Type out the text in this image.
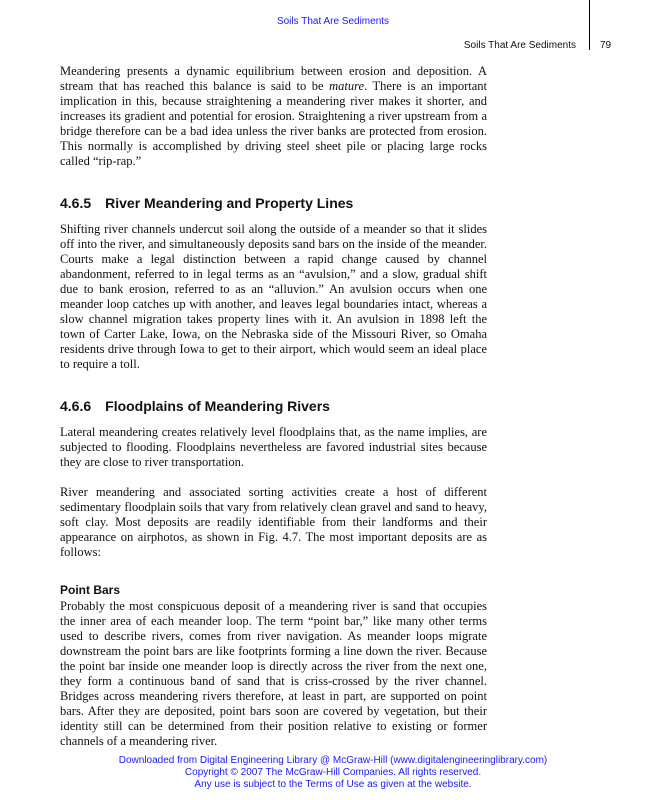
Soils That Are Sediments
Soils That Are Sediments 79

Meandering presents a dynamic equilibrium between erosion and deposition. A stream that has reached this balance is said to be mature. There is an important implication in this, because straightening a meandering river makes it shorter, and increases its gradient and potential for erosion. Straightening a river upstream from a bridge therefore can be a bad idea unless the river banks are protected from erosion. This normally is accomplished by driving steel sheet pile or placing large rocks called “rip-rap.”

4.6.5 River Meandering and Property Lines

Shifting river channels undercut soil along the outside of a meander so that it slides off into the river, and simultaneously deposits sand bars on the inside of the meander. Courts make a legal distinction between a rapid change caused by channel abandonment, referred to in legal terms as an “avulsion,” and a slow, gradual shift due to bank erosion, referred to as an “alluvion.” An avulsion occurs when one meander loop catches up with another, and leaves legal boundaries intact, whereas a slow channel migration takes property lines with it. An avulsion in 1898 left the town of Carter Lake, Iowa, on the Nebraska side of the Missouri River, so Omaha residents drive through Iowa to get to their airport, which would seem an ideal place to require a toll.

4.6.6 Floodplains of Meandering Rivers

Lateral meandering creates relatively level floodplains that, as the name implies, are subjected to flooding. Floodplains nevertheless are favored industrial sites because they are close to river transportation.

River meandering and associated sorting activities create a host of different sedimentary floodplain soils that vary from relatively clean gravel and sand to heavy, soft clay. Most deposits are readily identifiable from their landforms and their appearance on airphotos, as shown in Fig. 4.7. The most important deposits are as follows:

Point Bars

Probably the most conspicuous deposit of a meandering river is sand that occupies the inner area of each meander loop. The term “point bar,” like many other terms used to describe rivers, comes from river navigation. As meander loops migrate downstream the point bars are like footprints forming a line down the river. Because the point bar inside one meander loop is directly across the river from the next one, they form a continuous band of sand that is criss-crossed by the river channel. Bridges across meandering rivers therefore, at least in part, are supported on point bars. After they are deposited, point bars soon are covered by vegetation, but their identity still can be determined from their position relative to existing or former channels of a meandering river.

Downloaded from Digital Engineering Library @ McGraw-Hill (www.digitalengineeringlibrary.com)
Copyright © 2007 The McGraw-Hill Companies. All rights reserved.
Any use is subject to the Terms of Use as given at the website.
